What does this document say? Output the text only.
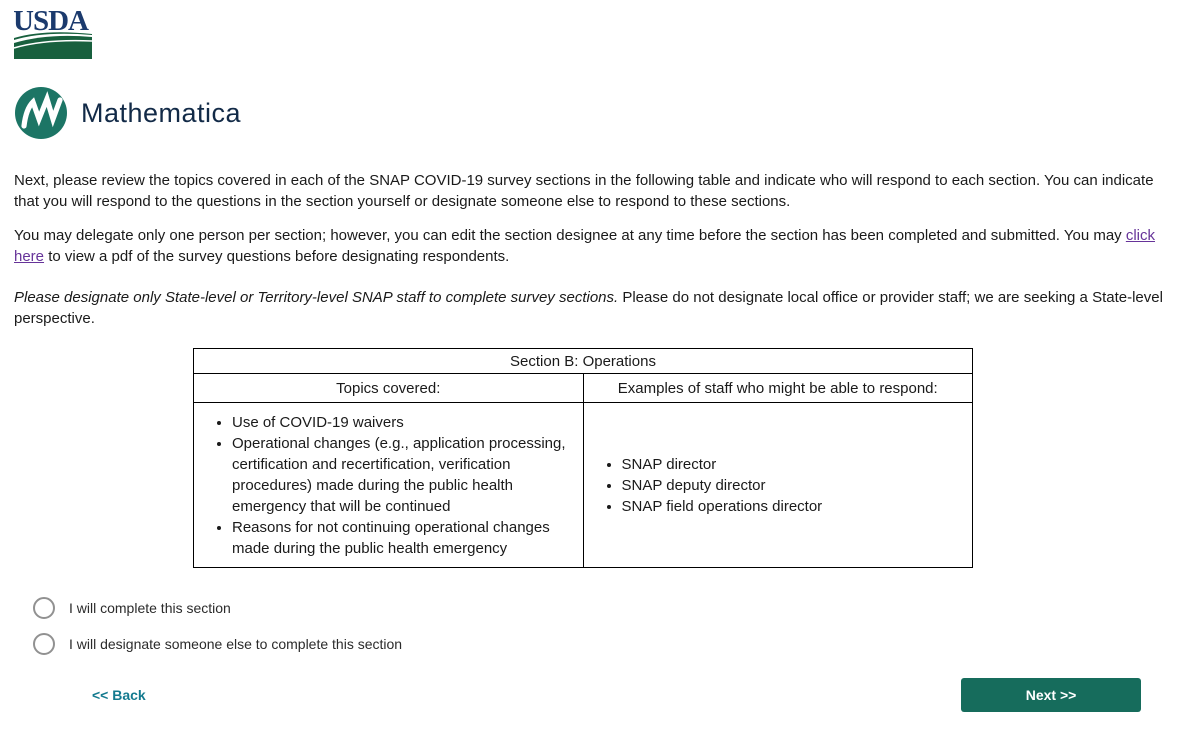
USDA
Mathematica

Next, please review the topics covered in each of the SNAP COVID-19 survey sections in the following table and indicate who will respond to each section. You can indicate that you will respond to the questions in the section yourself or designate someone else to respond to these sections.

You may delegate only one person per section; however, you can edit the section designee at any time before the section has been completed and submitted. You may click here to view a pdf of the survey questions before designating respondents.

Please designate only State-level or Territory-level SNAP staff to complete survey sections. Please do not designate local office or provider staff; we are seeking a State-level perspective.

Section B: Operations	
Topics covered:	Examples of staff who might be able to respond:

• Use of COVID-19 waivers
• Operational changes (e.g., application processing, certification and recertification, verification procedures) made during the public health emergency that will be continued
• Reasons for not continuing operational changes made during the public health emergency

• SNAP director
• SNAP deputy director
• SNAP field operations director
I will complete this section
I will designate someone else to complete this section
<< Back	Next >>
